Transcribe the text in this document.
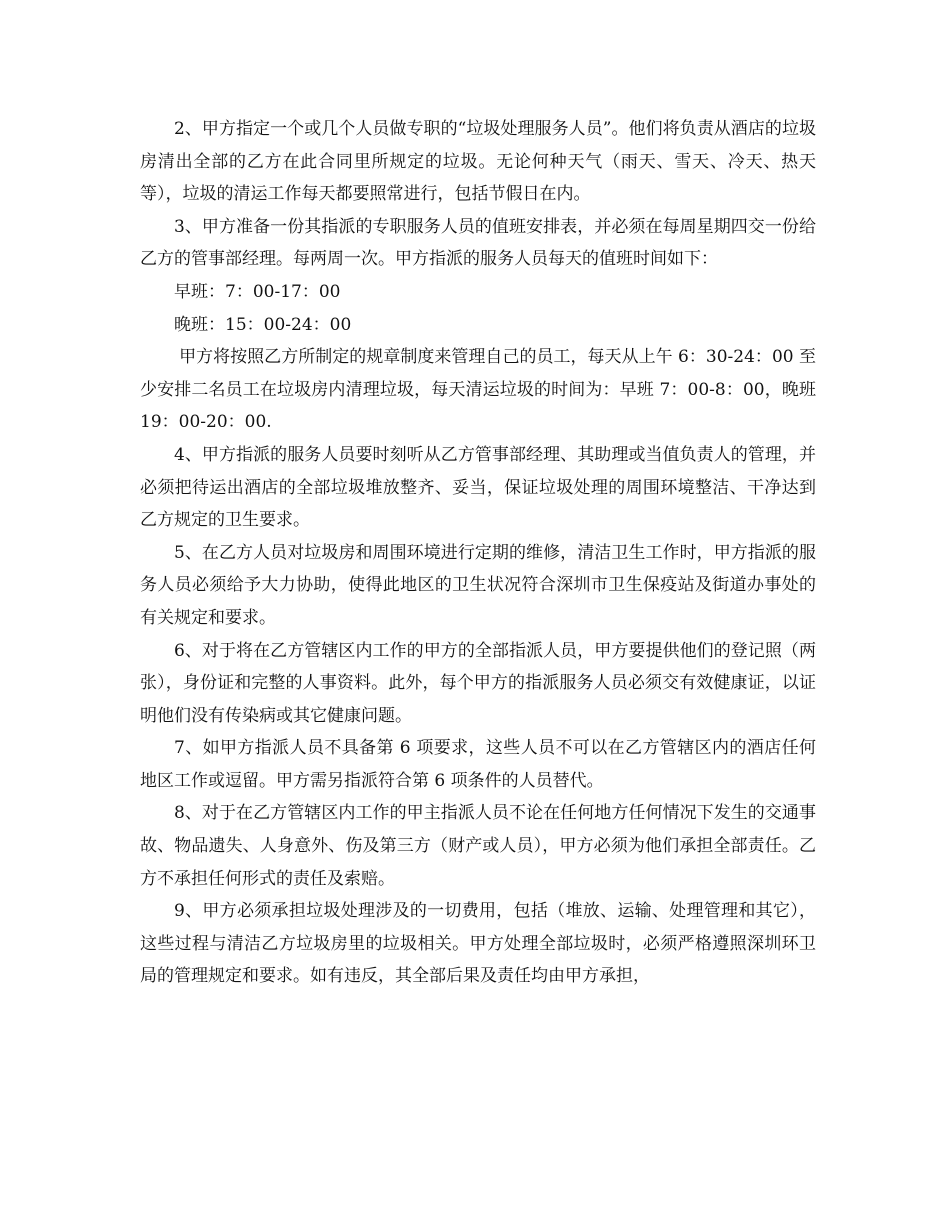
2、甲方指定一个或几个人员做专职的“垃圾处理服务人员”。他们将负责从酒店的垃圾房清出全部的乙方在此合同里所规定的垃圾。无论何种天气（雨天、雪天、冷天、热天等），垃圾的清运工作每天都要照常进行，包括节假日在内。

3、甲方准备一份其指派的专职服务人员的值班安排表，并必须在每周星期四交一份给乙方的管事部经理。每两周一次。甲方指派的服务人员每天的值班时间如下：

早班：7：00-17：00

晚班：15：00-24：00

甲方将按照乙方所制定的规章制度来管理自己的员工，每天从上午 6：30-24：00 至少安排二名员工在垃圾房内清理垃圾，每天清运垃圾的时间为：早班 7：00-8：00，晚班 19：00-20：00.

4、甲方指派的服务人员要时刻听从乙方管事部经理、其助理或当值负责人的管理，并必须把待运出酒店的全部垃圾堆放整齐、妥当，保证垃圾处理的周围环境整洁、干净达到乙方规定的卫生要求。

5、在乙方人员对垃圾房和周围环境进行定期的维修，清洁卫生工作时，甲方指派的服务人员必须给予大力协助，使得此地区的卫生状况符合深圳市卫生保疫站及街道办事处的有关规定和要求。

6、对于将在乙方管辖区内工作的甲方的全部指派人员，甲方要提供他们的登记照（两张），身份证和完整的人事资料。此外，每个甲方的指派服务人员必须交有效健康证，以证明他们没有传染病或其它健康问题。

7、如甲方指派人员不具备第 6 项要求，这些人员不可以在乙方管辖区内的酒店任何地区工作或逗留。甲方需另指派符合第 6 项条件的人员替代。

8、对于在乙方管辖区内工作的甲主指派人员不论在任何地方任何情况下发生的交通事故、物品遗失、人身意外、伤及第三方（财产或人员），甲方必须为他们承担全部责任。乙方不承担任何形式的责任及索赔。

9、甲方必须承担垃圾处理涉及的一切费用，包括（堆放、运输、处理管理和其它），这些过程与清洁乙方垃圾房里的垃圾相关。甲方处理全部垃圾时，必须严格遵照深圳环卫局的管理规定和要求。如有违反，其全部后果及责任均由甲方承担，
